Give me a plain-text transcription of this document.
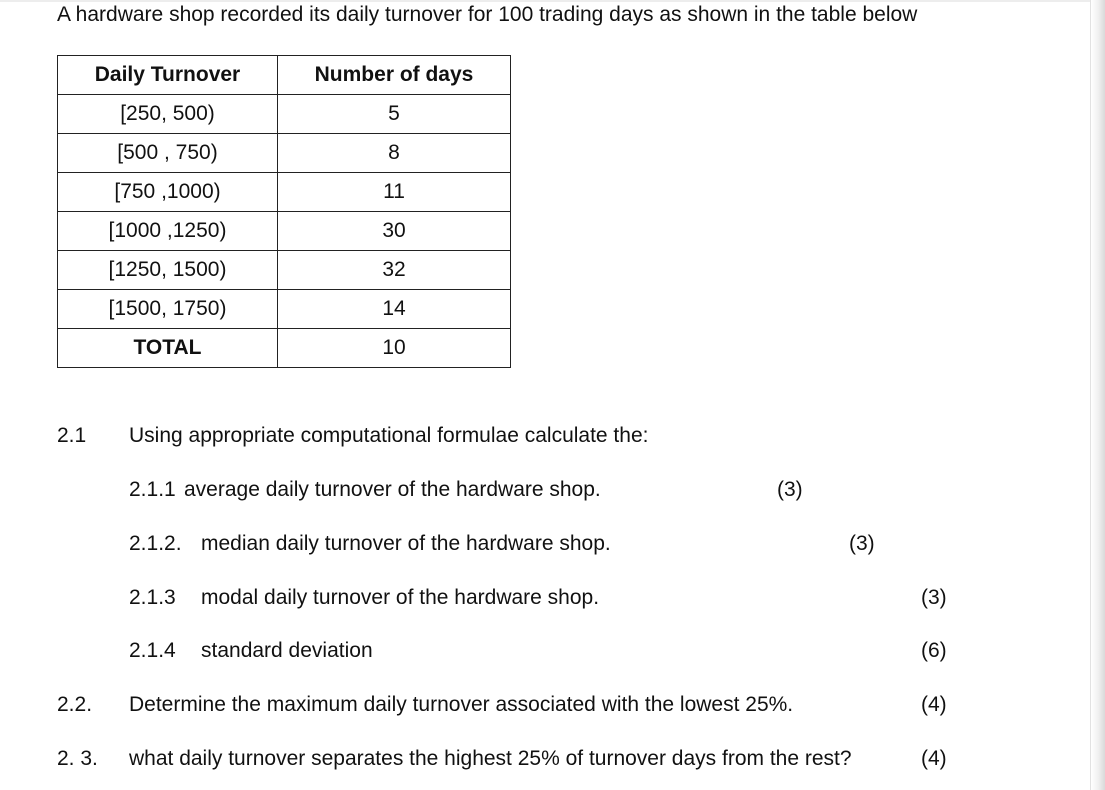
A hardware shop recorded its daily turnover for 100 trading days as shown in the table below
Daily Turnover	Number of days
[250, 500)	5
[500 , 750)	8
[750 ,1000)	11
[1000 ,1250)	30
[1250, 1500)	32
[1500, 1750)	14
TOTAL	10
2.1 Using appropriate computational formulae calculate the:
2.1.1 average daily turnover of the hardware shop.	(3)
2.1.2. median daily turnover of the hardware shop.	(3)
2.1.3 modal daily turnover of the hardware shop.	(3)
2.1.4 standard deviation	(6)
2.2. Determine the maximum daily turnover associated with the lowest 25%.	(4)
2. 3. what daily turnover separates the highest 25% of turnover days from the rest?	(4)
